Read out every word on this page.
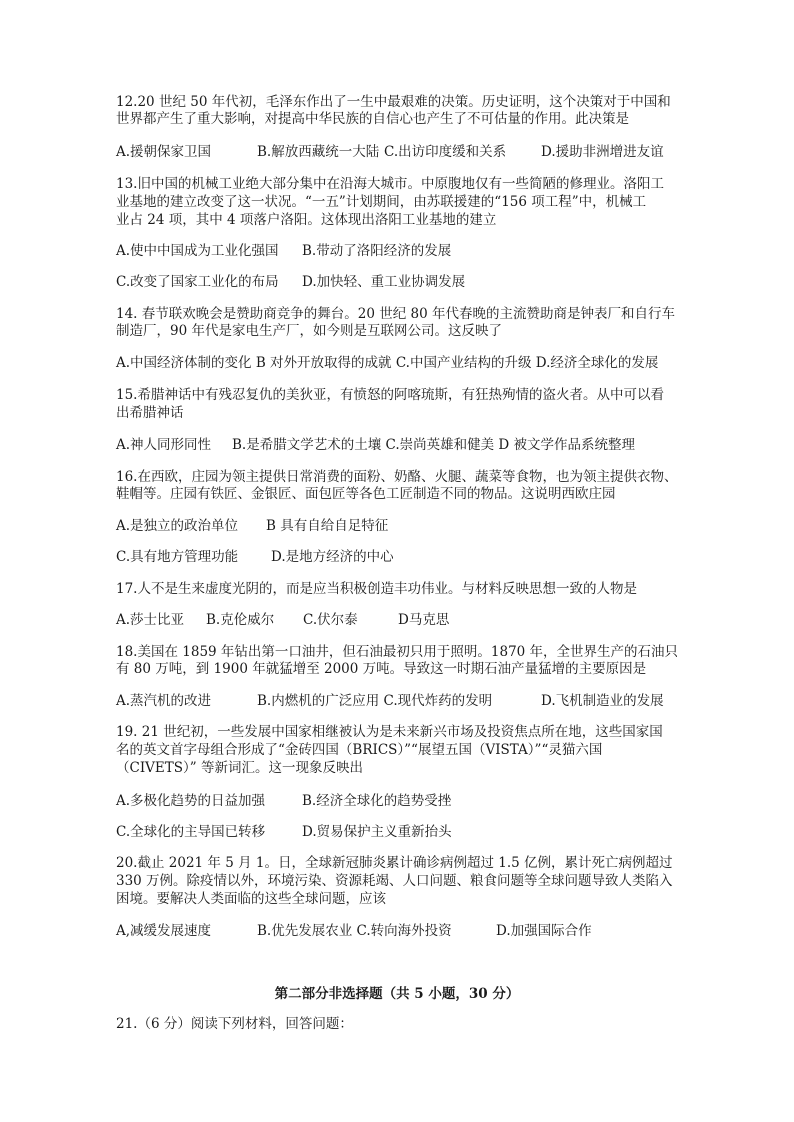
12.20 世纪 50 年代初，毛泽东作出了一生中最艰难的决策。历史证明，这个决策对于中国和
世界都产生了重大影响，对提高中华民族的自信心也产生了不可估量的作用。此决策是
A.援朝保家卫国	B.解放西藏统一大陆 C.出访印度缓和关系	D.援助非洲增进友谊
13.旧中国的机械工业绝大部分集中在沿海大城市。中原腹地仅有一些简陋的修理业。洛阳工
业基地的建立改变了这一状况。“一五”计划期间，由苏联援建的“156 项工程”中，机械工
业占 24 项，其中 4 项落户洛阳。这体现出洛阳工业基地的建立
A.使中中国成为工业化强国 B.带动了洛阳经济的发展
C.改变了国家工业化的布局 D.加快轻、重工业协调发展
14. 春节联欢晚会是赞助商竞争的舞台。20 世纪 80 年代春晚的主流赞助商是钟表厂和自行车
制造厂，90 年代是家电生产厂，如今则是互联网公司。这反映了
A.中国经济体制的变化 B 对外开放取得的成就 C.中国产业结构的升级 D.经济全球化的发展
15.希腊神话中有残忍复仇的美狄亚，有愤怒的阿喀琉斯，有狂热殉情的盗火者。从中可以看
出希腊神话
A.神人同形同性 B.是希腊文学艺术的土壤 C.崇尚英雄和健美 D 被文学作品系统整理
16.在西欧，庄园为领主提供日常消费的面粉、奶酪、火腿、蔬菜等食物，也为领主提供衣物、
鞋帽等。庄园有铁匠、金银匠、面包匠等各色工匠制造不同的物品。这说明西欧庄园
A.是独立的政治单位 B 具有自给自足特征
C.具有地方管理功能 D.是地方经济的中心
17.人不是生来虚度光阴的，而是应当积极创造丰功伟业。与材料反映思想一致的人物是
A.莎士比亚 B.克伦威尔 C.伏尔泰	D马克思
18.美国在 1859 年钻出第一口油井，但石油最初只用于照明。1870 年，全世界生产的石油只
有 80 万吨，到 1900 年就猛增至 2000 万吨。导致这一时期石油产量猛增的主要原因是
A.蒸汽机的改进	B.内燃机的广泛应用 C.现代炸药的发明	D.飞机制造业的发展
19. 21 世纪初，一些发展中国家相继被认为是未来新兴市场及投资焦点所在地，这些国家国
名的英文首字母组合形成了“金砖四国（BRICS）”“展望五国（VISTA）”“灵猫六国
（CIVETS）” 等新词汇。这一现象反映出
A.多极化趋势的日益加强	B.经济全球化的趋势受挫
C.全球化的主导国已转移	D.贸易保护主义重新抬头
20.截止 2021 年 5 月 1。日，全球新冠肺炎累计确诊病例超过 1.5 亿例，累计死亡病例超过
330 万例。除疫情以外，环境污染、资源耗竭、人口问题、粮食问题等全球问题导致人类陷入
困境。要解决人类面临的这些全球问题，应该
A,减缓发展速度	B.优先发展农业 C.转向海外投资	D.加强国际合作
第二部分非选择题（共 5 小题，30 分）
21.（6 分）阅读下列材料，回答问题：
